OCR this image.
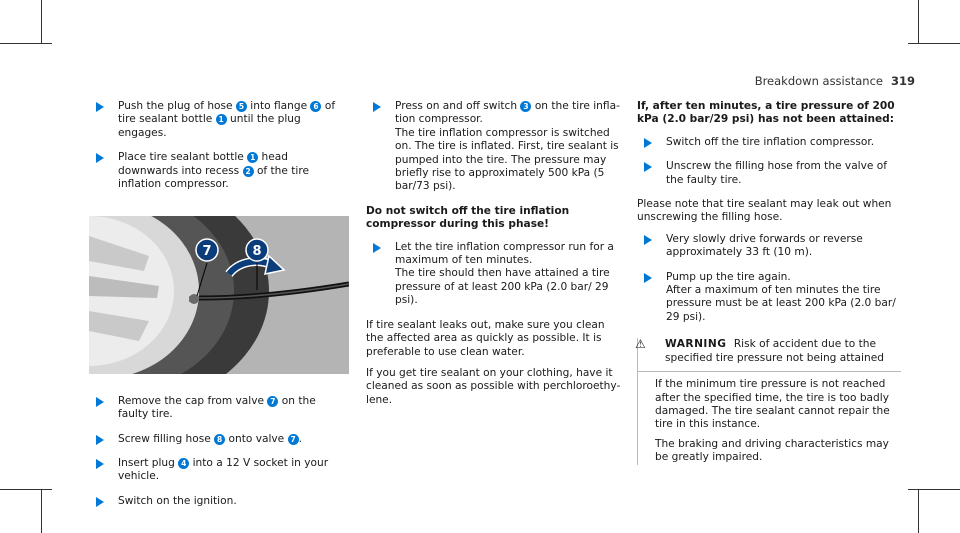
Breakdown assistance 319
Push the plug of hose 5 into flange 6 of tire sealant bottle 1 until the plug engages.
Place tire sealant bottle 1 head downwards into recess 2 of the tire inflation compressor.
7	8
Remove the cap from valve 7 on the faulty tire.
Screw filling hose 8 onto valve 7 .
Insert plug 4 into a 12 V socket in your vehicle.
Switch on the ignition.
Press on and off switch 3 on the tire inflation compressor.
The tire inflation compressor is switched on. The tire is inflated. First, tire sealant is pumped into the tire. The pressure may briefly rise to approximately 500 kPa (5 bar/73 psi).

Do not switch off the tire inflation compressor during this phase!

Let the tire inflation compressor run for a maximum of ten minutes.
The tire should then have attained a tire pressure of at least 200 kPa (2.0 bar/ 29 psi).

If tire sealant leaks out, make sure you clean the affected area as quickly as possible. It is preferable to use clean water.

If you get tire sealant on your clothing, have it cleaned as soon as possible with perchloroethylene.

If, after ten minutes, a tire pressure of 200 kPa (2.0 bar/29 psi) has not been attained:

Switch off the tire inflation compressor.
Unscrew the filling hose from the valve of the faulty tire.

Please note that tire sealant may leak out when unscrewing the filling hose.

Very slowly drive forwards or reverse approximately 33 ft (10 m).
Pump up the tire again.
After a maximum of ten minutes the tire pressure must be at least 200 kPa (2.0 bar/ 29 psi).
⚠	WARNING Risk of accident due to the specified tire pressure not being attained

If the minimum tire pressure is not reached after the specified time, the tire is too badly damaged. The tire sealant cannot repair the tire in this instance.

The braking and driving characteristics may be greatly impaired.
